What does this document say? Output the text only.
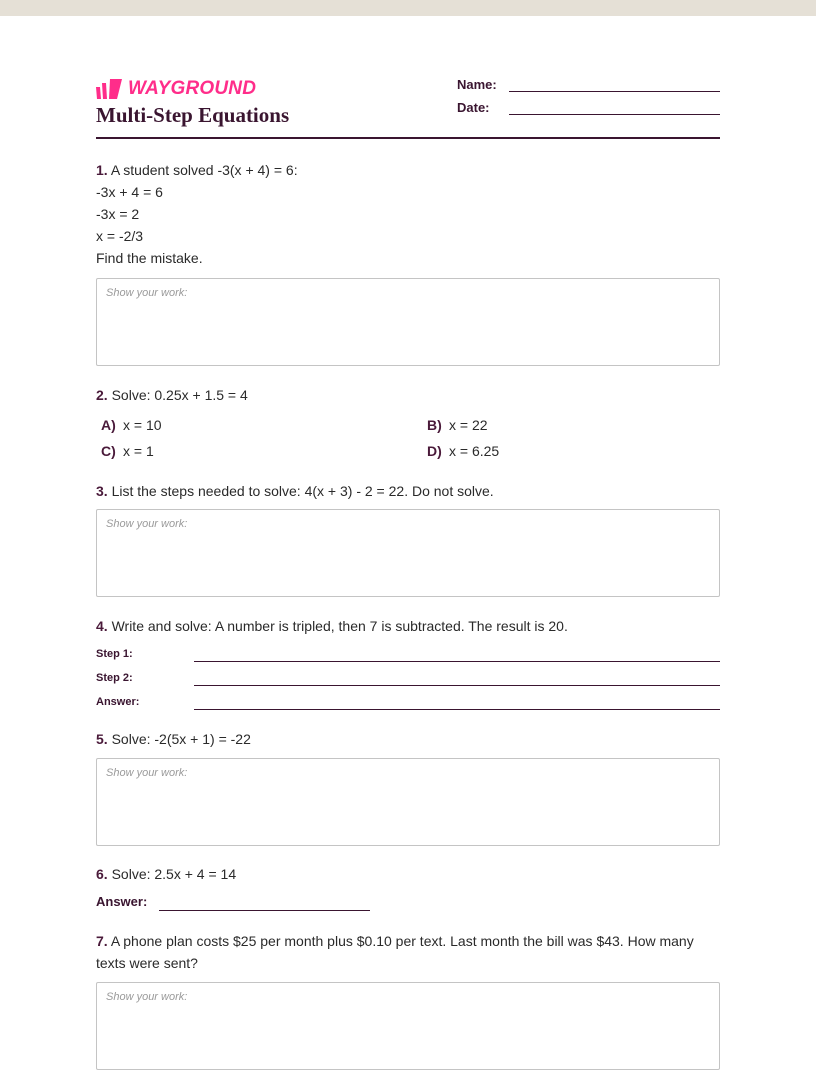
WAYGROUND
Multi-Step Equations
Name:
Date:
1. A student solved -3(x + 4) = 6:
-3x + 4 = 6
-3x = 2
x = -2/3
Find the mistake.
Show your work:
2. Solve: 0.25x + 1.5 = 4
A) x = 10	B) x = 22
C) x = 1	D) x = 6.25
3. List the steps needed to solve: 4(x + 3) - 2 = 22. Do not solve.
Show your work:
4. Write and solve: A number is tripled, then 7 is subtracted. The result is 20.
Step 1:
Step 2:
Answer:
5. Solve: -2(5x + 1) = -22
Show your work:
6. Solve: 2.5x + 4 = 14
Answer:
7. A phone plan costs $25 per month plus $0.10 per text. Last month the bill was $43. How many texts were sent?
Show your work:
